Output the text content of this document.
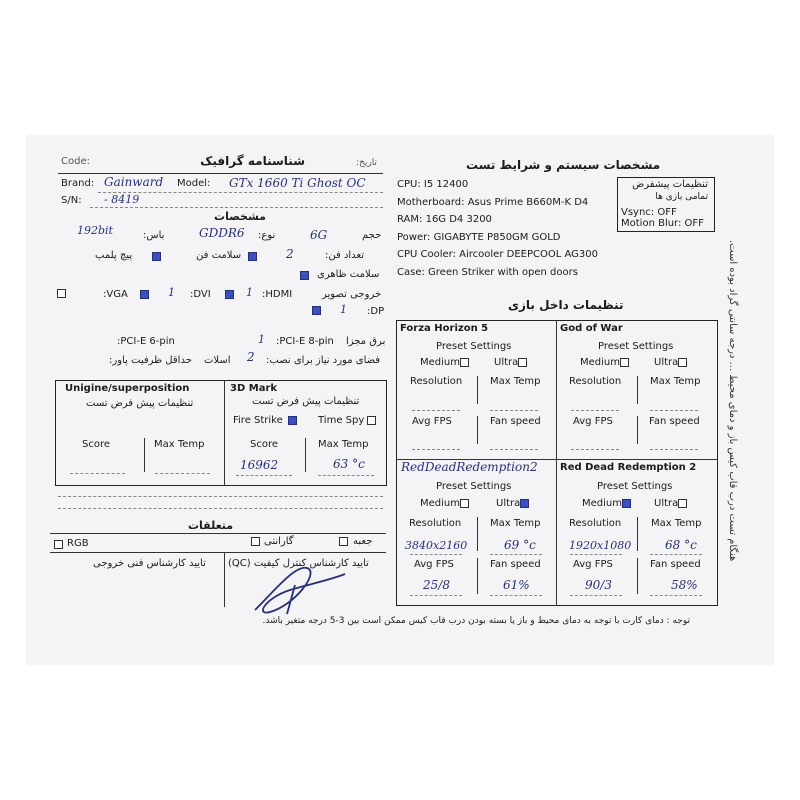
Code:	شناسنامه گرافیک	تاریخ:
Brand: Gainward Model: GTx 1660 Ti Ghost OC
S/N: - 8419
مشخصات
192bit	باس:	GDDR6 نوع:	6G	حجم
پیچ پلمپ	سلامت فن	2	تعداد فن:
سلامت ظاهری
:VGA	1 :DVI	1 :HDMI	خروجی تصویر
1 :DP
:PCI-E 6-pin	1 :PCI-E 8-pin برق مجزا
حداقل ظرفیت پاور: اسلات 2 فضای مورد نیاز برای نصب:
Unigine/superposition
تنظیمات پیش فرض تست
Score	Max Temp
3D Mark
تنظیمات پیش فرض تست
Fire Strike	Time Spy
Score	Max Temp
16962	63 °c
متعلقات
RGB	گارانتی	جعبه
تایید کارشناس فنی خروجی تایید کارشناس کنترل کیفیت (QC)
مشخصات سیستم و شرایط تست
CPU: I5 12400
Motherboard: Asus Prime B660M-K D4
RAM: 16G D4 3200
Power: GIGABYTE P850GM GOLD
CPU Cooler: Aircooler DEEPCOOL AG300
Case: Green Striker with open doors
تنظیمات پیشفرض
تمامی بازی ها
Vsync: OFF
Motion Blur: OFF
تنظیمات داخل بازی
Forza Horizon 5
Preset Settings
Medium	Ultra
Resolution	Max Temp
Avg FPS	Fan speed
God of War
Preset Settings
Medium	Ultra
Resolution	Max Temp
Avg FPS	Fan speed
RedDeadRedemption2
Preset Settings
Medium	Ultra
Resolution	Max Temp
3840x2160	69 °c
Avg FPS	Fan speed
25/8	61%
Red Dead Redemption 2
Preset Settings
Medium	Ultra
Resolution	Max Temp
1920x1080	68 °c
Avg FPS	Fan speed
90/3	58%
توجه : دمای کارت با توجه به دمای محیط و باز یا بسته بودن درب قاب کیس ممکن است بین 3-5 درجه متغیر باشد.
هنگام تست درب قاب کیس باز و دمای محیط ... درجه سانتی گراد بوده است.
